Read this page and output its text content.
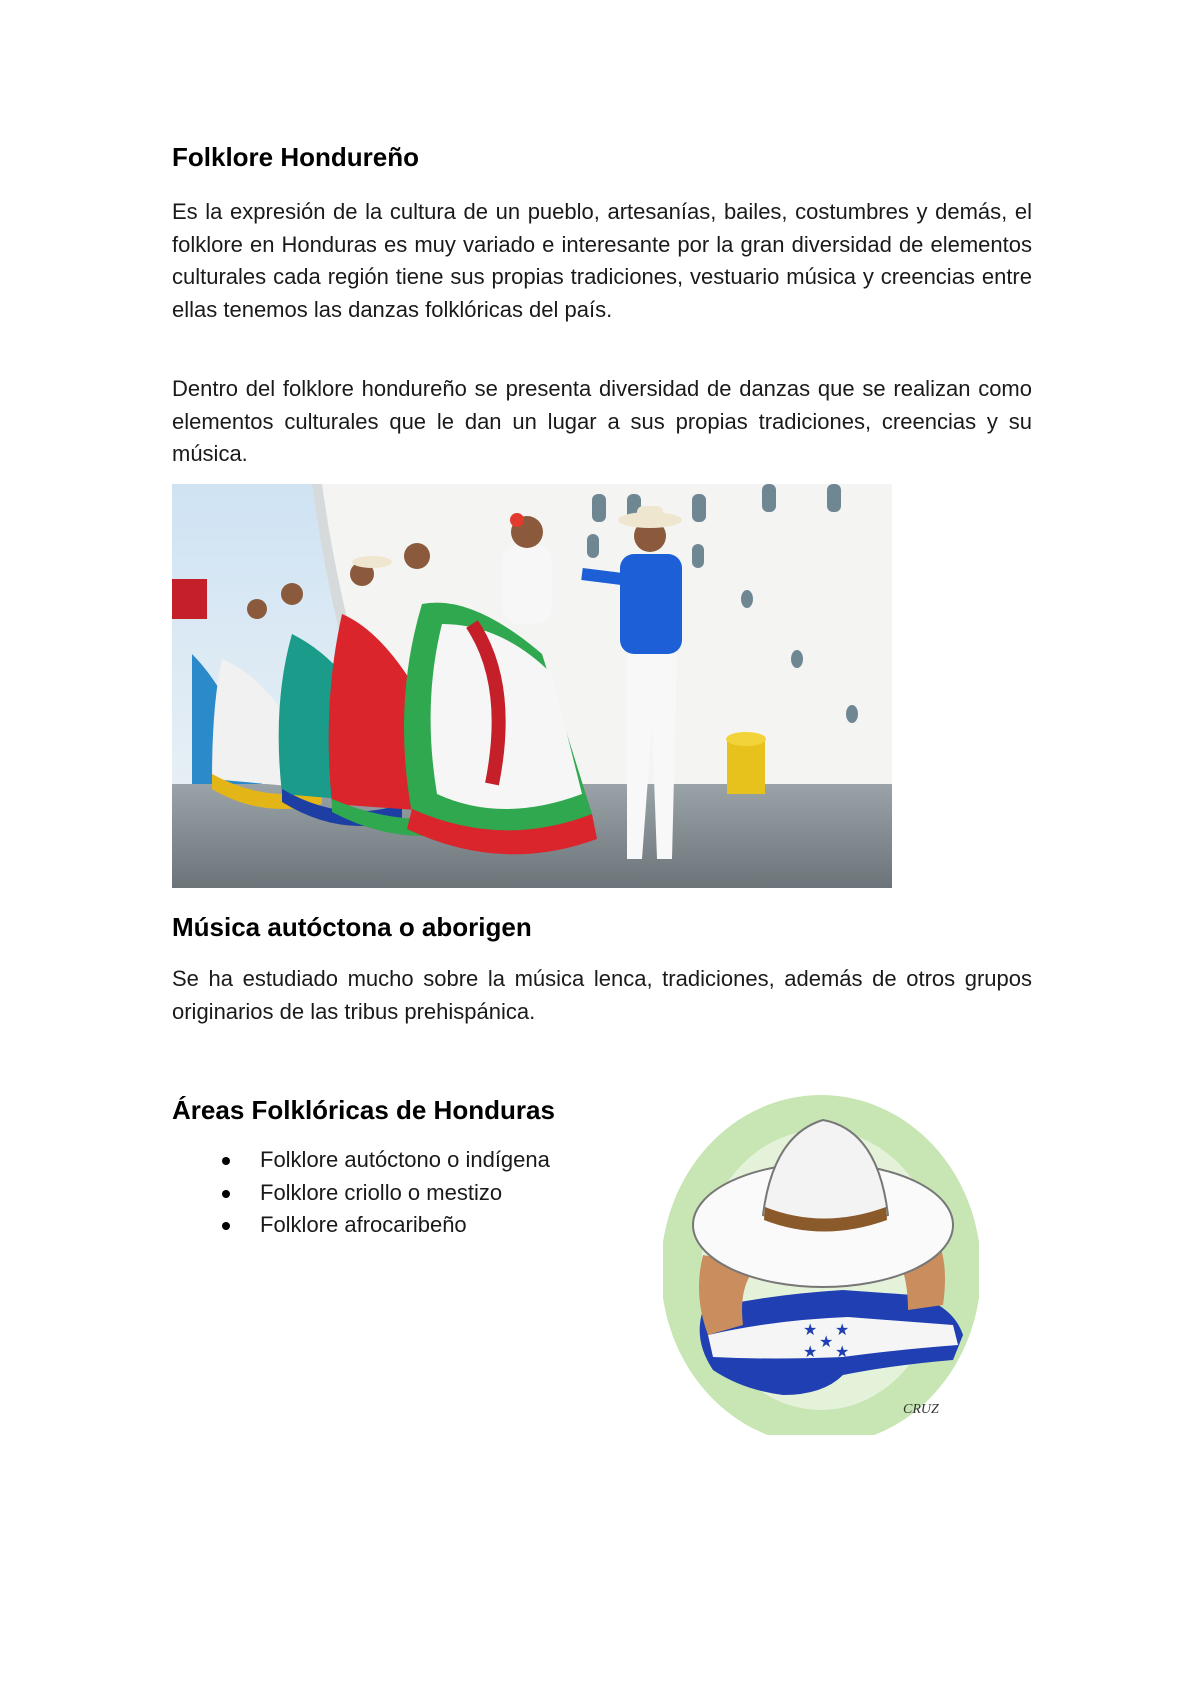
Folklore Hondureño

Es la expresión de la cultura de un pueblo, artesanías, bailes, costumbres y demás, el folklore en Honduras es muy variado e interesante por la gran diversidad de elementos culturales cada región tiene sus propias tradiciones, vestuario música y creencias entre ellas tenemos las danzas folklóricas del país.

Dentro del folklore hondureño se presenta diversidad de danzas que se realizan como elementos culturales que le dan un lugar a sus propias tradiciones, creencias y su música.

Música autóctona o aborigen

Se ha estudiado mucho sobre la música lenca, tradiciones, además de otros grupos originarios de las tribus prehispánica.

Áreas Folklóricas de Honduras
Folklore autóctono o indígena
Folklore criollo o mestizo
Folklore afrocaribeño
★ ★
★
★ ★
CRUZ
